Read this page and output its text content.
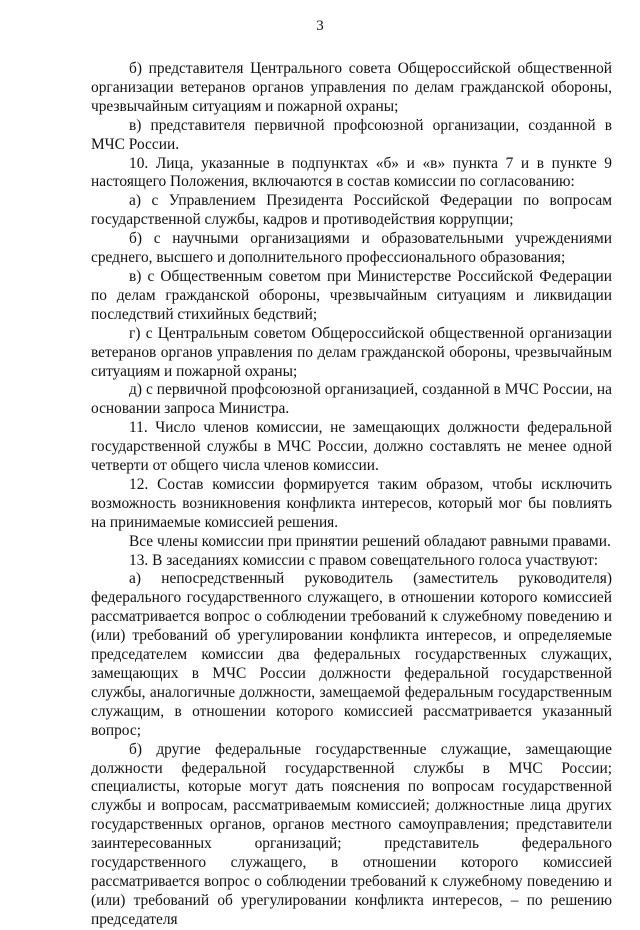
3

б) представителя Центрального совета Общероссийской общественной организации ветеранов органов управления по делам гражданской обороны, чрезвычайным ситуациям и пожарной охраны;

в) представителя первичной профсоюзной организации, созданной в МЧС России.

10. Лица, указанные в подпунктах «б» и «в» пункта 7 и в пункте 9 настоящего Положения, включаются в состав комиссии по согласованию:

а) с Управлением Президента Российской Федерации по вопросам государственной службы, кадров и противодействия коррупции;

б) с научными организациями и образовательными учреждениями среднего, высшего и дополнительного профессионального образования;

в) с Общественным советом при Министерстве Российской Федерации по делам гражданской обороны, чрезвычайным ситуациям и ликвидации последствий стихийных бедствий;

г) с Центральным советом Общероссийской общественной организации ветеранов органов управления по делам гражданской обороны, чрезвычайным ситуациям и пожарной охраны;

д) с первичной профсоюзной организацией, созданной в МЧС России, на основании запроса Министра.

11. Число членов комиссии, не замещающих должности федеральной государственной службы в МЧС России, должно составлять не менее одной четверти от общего числа членов комиссии.

12. Состав комиссии формируется таким образом, чтобы исключить возможность возникновения конфликта интересов, который мог бы повлиять на принимаемые комиссией решения.

Все члены комиссии при принятии решений обладают равными правами.

13. В заседаниях комиссии с правом совещательного голоса участвуют:

а) непосредственный руководитель (заместитель руководителя) федерального государственного служащего, в отношении которого комиссией рассматривается вопрос о соблюдении требований к служебному поведению и (или) требований об урегулировании конфликта интересов, и определяемые председателем комиссии два федеральных государственных служащих, замещающих в МЧС России должности федеральной государственной службы, аналогичные должности, замещаемой федеральным государственным служащим, в отношении которого комиссией рассматривается указанный вопрос;

б) другие федеральные государственные служащие, замещающие должности федеральной государственной службы в МЧС России; специалисты, которые могут дать пояснения по вопросам государственной службы и вопросам, рассматриваемым комиссией; должностные лица других государственных органов, органов местного самоуправления; представители заинтересованных организаций; представитель федерального государственного служащего, в отношении которого комиссией рассматривается вопрос о соблюдении требований к служебному поведению и (или) требований об урегулировании конфликта интересов, – по решению председателя
